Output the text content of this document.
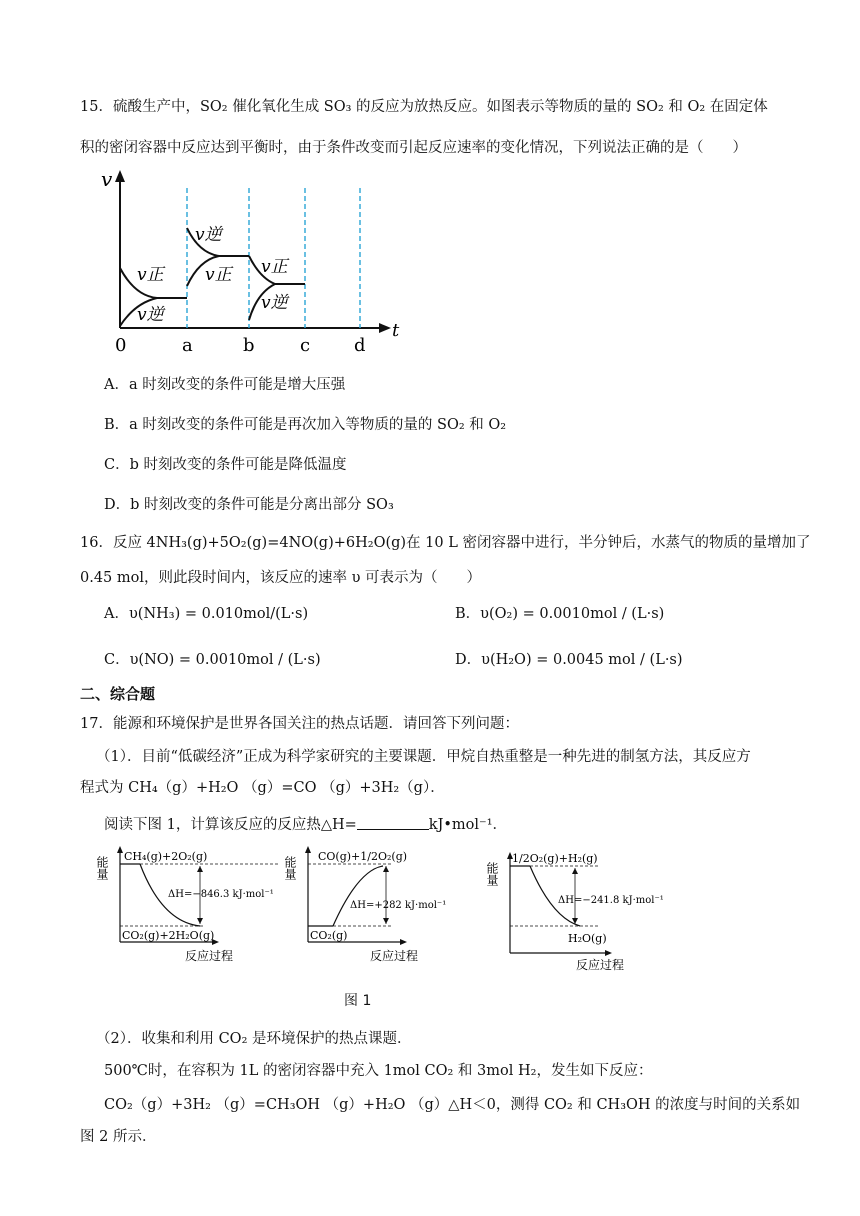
15．硫酸生产中，SO₂ 催化氧化生成 SO₃ 的反应为放热反应。如图表示等物质的量的 SO₂ 和 O₂ 在固定体
积的密闭容器中反应达到平衡时，由于条件改变而引起反应速率的变化情况，下列说法正确的是（　　）
v
t
0	a	b	c d
v正
v逆
v逆
v正 v正
v逆
A．a 时刻改变的条件可能是增大压强
B．a 时刻改变的条件可能是再次加入等物质的量的 SO₂ 和 O₂
C．b 时刻改变的条件可能是降低温度
D．b 时刻改变的条件可能是分离出部分 SO₃
16．反应 4NH₃(g)+5O₂(g)=4NO(g)+6H₂O(g)在 10 L 密闭容器中进行，半分钟后，水蒸气的物质的量增加了
0.45 mol，则此段时间内，该反应的速率 υ 可表示为（　　）
A．υ(NH₃) = 0.010mol/(L·s)	B．υ(O₂) = 0.0010mol / (L·s)
C．υ(NO) = 0.0010mol / (L·s)	D．υ(H₂O) = 0.0045 mol / (L·s)
二、综合题
17．能源和环境保护是世界各国关注的热点话题．请回答下列问题：
（1）．目前“低碳经济”正成为科学家研究的主要课题．甲烷自热重整是一种先进的制氢方法，其反应方
程式为 CH₄（g）+H₂O （g）=CO （g）+3H₂（g）．
阅读下图 1，计算该反应的反应热△H=	kJ•mol⁻¹．
能量 CH₄(g)+2O₂(g)
ΔH=−846.3 kJ·mol⁻¹
CO₂(g)+2H₂O(g)
反应过程
能量 CO(g)+1/2O₂(g)
ΔH=+282 kJ·mol⁻¹
CO₂(g)
反应过程
能量
1/2O₂(g)+H₂(g)
ΔH=−241.8 kJ·mol⁻¹
H₂O(g)
反应过程
图 1
（2）．收集和利用 CO₂ 是环境保护的热点课题．
500℃时，在容积为 1L 的密闭容器中充入 1mol CO₂ 和 3mol H₂，发生如下反应：
CO₂（g）+3H₂ （g）=CH₃OH （g）+H₂O （g）△H＜0，测得 CO₂ 和 CH₃OH 的浓度与时间的关系如
图 2 所示．
